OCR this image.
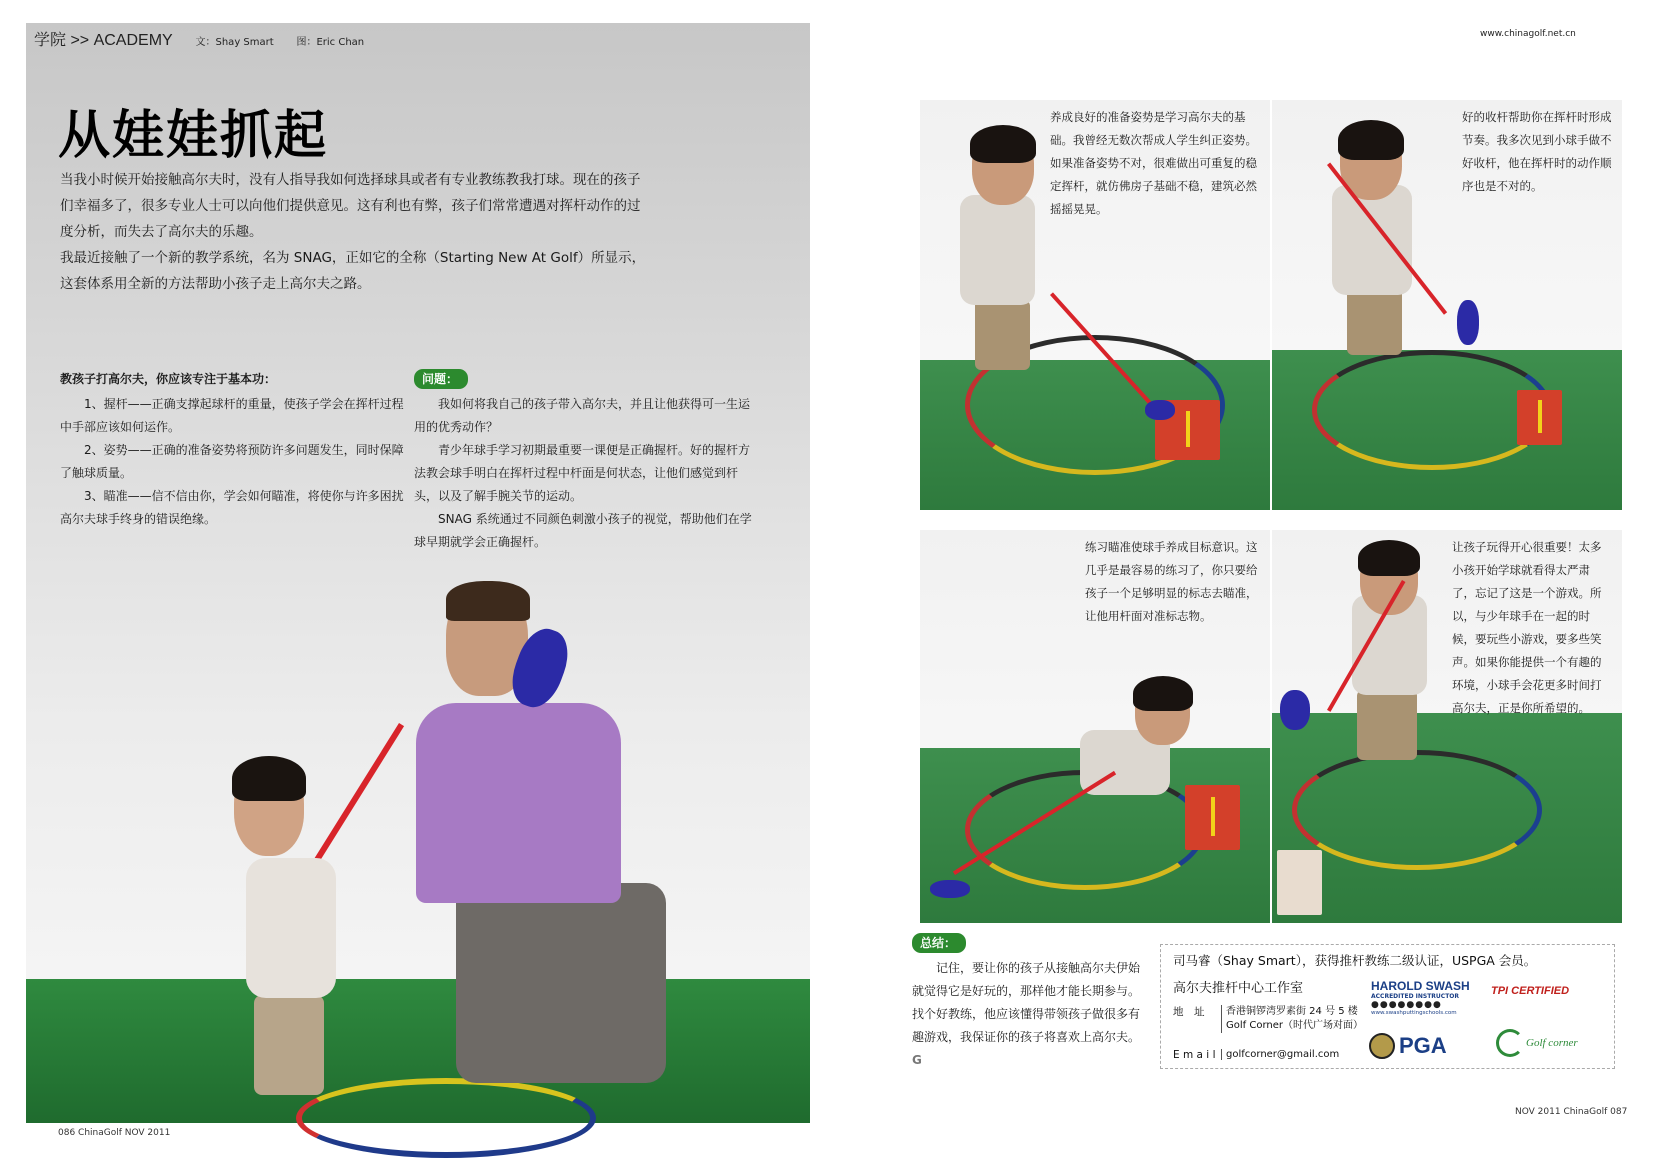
学院 >> ACADEMY 文：Shay Smart 图：Eric Chan
从娃娃抓起

当我小时候开始接触高尔夫时，没有人指导我如何选择球具或者有专业教练教我打球。现在的孩子们幸福多了，很多专业人士可以向他们提供意见。这有利也有弊，孩子们常常遭遇对挥杆动作的过度分析，而失去了高尔夫的乐趣。

我最近接触了一个新的教学系统，名为 SNAG，正如它的全称（Starting New At Golf）所显示，这套体系用全新的方法帮助小孩子走上高尔夫之路。

教孩子打高尔夫，你应该专注于基本功：

1、握杆——正确支撑起球杆的重量，使孩子学会在挥杆过程中手部应该如何运作。

2、姿势——正确的准备姿势将预防许多问题发生，同时保障了触球质量。

3、瞄准——信不信由你，学会如何瞄准，将使你与许多困扰高尔夫球手终身的错误绝缘。

问题：

我如何将我自己的孩子带入高尔夫，并且让他获得可一生运用的优秀动作？

青少年球手学习初期最重要一课便是正确握杆。好的握杆方法教会球手明白在挥杆过程中杆面是何状态，让他们感觉到杆头，以及了解手腕关节的运动。

SNAG 系统通过不同颜色刺激小孩子的视觉，帮助他们在学球早期就学会正确握杆。

086 ChinaGolf NOV 2011
www.chinagolf.net.cn
养成良好的准备姿势是学习高尔夫的基础。我曾经无数次帮成人学生纠正姿势。如果准备姿势不对，很难做出可重复的稳定挥杆，就仿佛房子基础不稳，建筑必然摇摇晃晃。
好的收杆帮助你在挥杆时形成节奏。我多次见到小球手做不好收杆，他在挥杆时的动作顺序也是不对的。
练习瞄准使球手养成目标意识。这几乎是最容易的练习了，你只要给孩子一个足够明显的标志去瞄准，让他用杆面对准标志物。
让孩子玩得开心很重要！太多小孩开始学球就看得太严肃了，忘记了这是一个游戏。所以，与少年球手在一起的时候，要玩些小游戏，要多些笑声。如果你能提供一个有趣的环境，小球手会花更多时间打高尔夫，正是你所希望的。
总结：

记住，要让你的孩子从接触高尔夫伊始就觉得它是好玩的，那样他才能长期参与。找个好教练，他应该懂得带领孩子做很多有趣游戏，我保证你的孩子将喜欢上高尔夫。 G

司马睿（Shay Smart），获得推杆教练二级认证，USPGA 会员。
高尔夫推杆中心工作室
地　址	香港铜锣湾罗素街 24 号 5 楼 Golf Corner（时代广场对面）
E m a i l	golfcorner@gmail.com
HAROLD SWASH
ACCREDITED INSTRUCTOR
●●●●●●●●
www.swashputtingschools.com
TPI CERTIFIED
PGA	Golf corner
NOV 2011 ChinaGolf 087
